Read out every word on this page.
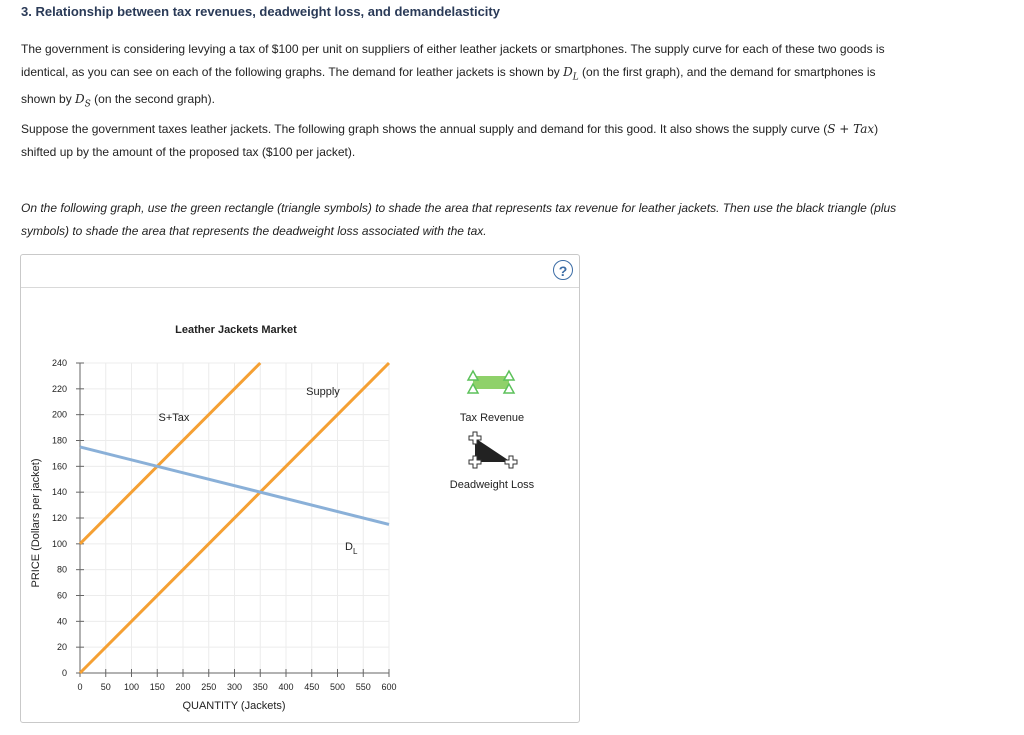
3. Relationship between tax revenues, deadweight loss, and demandelasticity
The government is considering levying a tax of $100 per unit on suppliers of either leather jackets or smartphones. The supply curve for each of these two goods is identical, as you can see on each of the following graphs. The demand for leather jackets is shown by $D_L$ (on the first graph), and the demand for smartphones is shown by $D_S$ (on the second graph).
Suppose the government taxes leather jackets. The following graph shows the annual supply and demand for this good. It also shows the supply curve (S + Tax) shifted up by the amount of the proposed tax ($100 per jacket).
On the following graph, use the green rectangle (triangle symbols) to shade the area that represents tax revenue for leather jackets. Then use the black triangle (plus symbols) to shade the area that represents the deadweight loss associated with the tax.
?
Leather Jackets Market
PRICE (Dollars per jacket)
QUANTITY (Jackets)
0 50 100 150 200 250 300 350 400 450 500 550 600
0
20
40
60
80
100
120
140
160
180
200
220
240
Supply
S+Tax
$D_L$
Tax Revenue
Deadweight Loss
